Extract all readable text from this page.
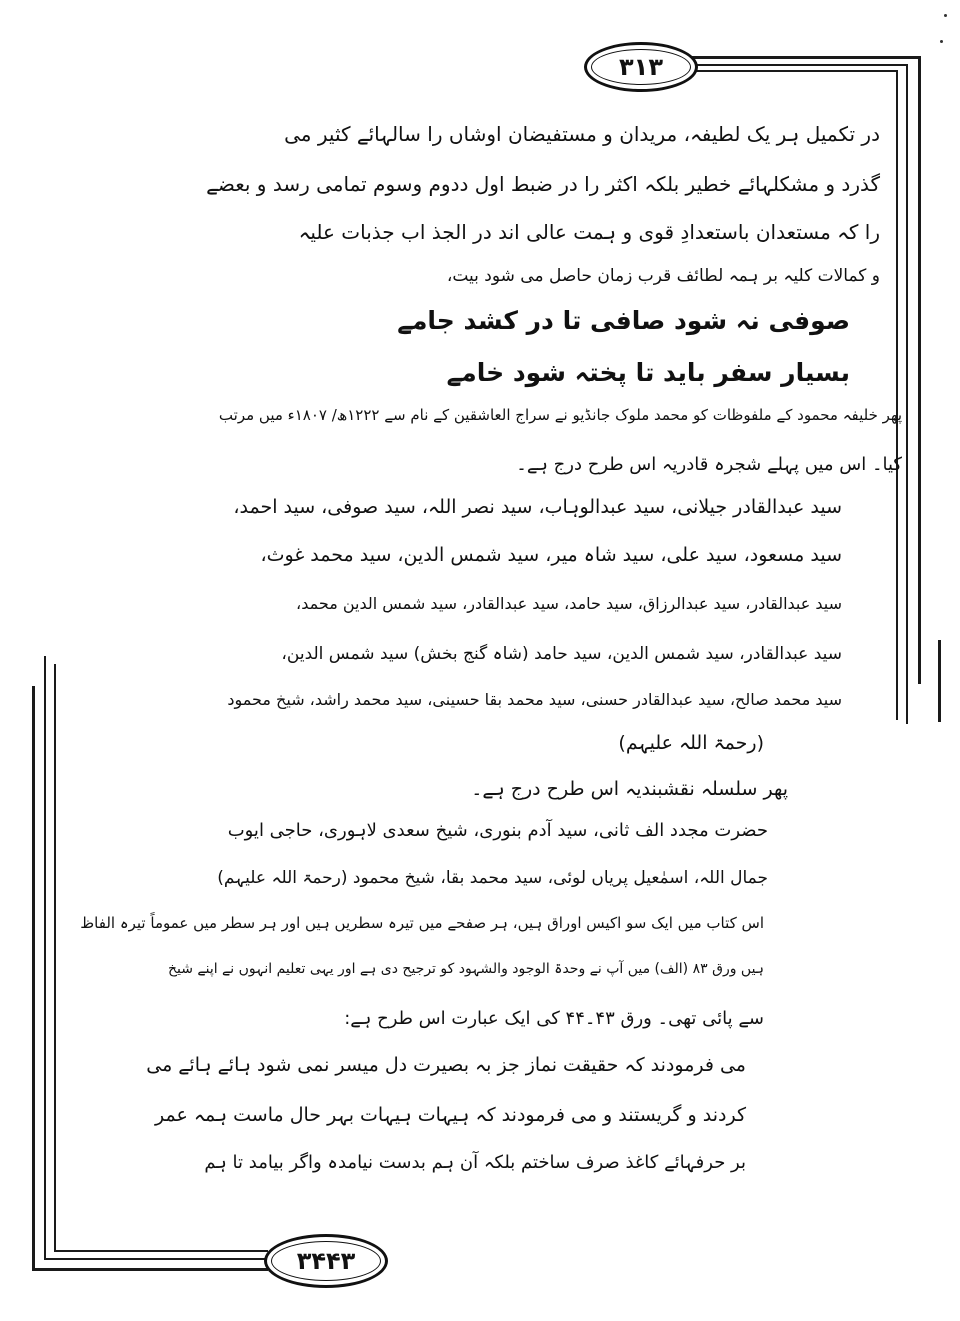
۳۱۳
۳۴۴۳
در تکمیل ہر یک لطیفہ، مریدان و مستفیضان اوشاں را سالہائے کثیر می
گذرد و مشکلہائے خطیر بلکہ اکثر را در ضبط اول ددوم وسوم تمامی رسد و بعضے
را کہ مستعدان باستعدادِ قوی و ہمت عالی اند در الجذ اب جذبات علیہ
و کمالات کلیہ بر ہمہ لطائف قرب زمان حاصل می شود بیت،
صوفی نہ شود صافی تا در کشد جامے
بسیار سفر باید تا پختہ شود خامے
پھر خلیفہ محمود کے ملفوظات کو محمد ملوک جانڈیو نے سراج العاشقین کے نام سے ۱۲۲۲ھ/ ۱۸۰۷ء میں مرتب
کیا۔ اس میں پہلے شجرہ قادریہ اس طرح درج ہے۔
سید عبدالقادر جیلانی، سید عبدالوہاب، سید نصر اللہ، سید صوفی، سید احمد،
سید مسعود، سید علی، سید شاہ میر، سید شمس الدین، سید محمد غوث،
سید عبدالقادر، سید عبدالرزاق، سید حامد، سید عبدالقادر، سید شمس الدین محمد،
سید عبدالقادر، سید شمس الدین، سید حامد (شاہ گنج بخش) سید شمس الدین،
سید محمد صالح، سید عبدالقادر حسنی، سید محمد بقا حسینی، سید محمد راشد، شیخ محمود
(رحمۃ اللہ علیہم)
پھر سلسلہ نقشبندیہ اس طرح درج ہے۔
حضرت مجدد الف ثانی، سید آدم بنوری، شیخ سعدی لاہوری، حاجی ایوب
جمال اللہ، اسمٰعیل پریاں لوئی، سید محمد بقا، شیخ محمود (رحمۃ اللہ علیہم)
اس کتاب میں ایک سو اکیس اوراق ہیں، ہر صفحے میں تیرہ سطریں ہیں اور ہر سطر میں عموماً تیرہ الفاظ
ہیں ورق ۸۳ (الف) میں آپ نے وحدۃ الوجود والشہود کو ترجیح دی ہے اور یہی تعلیم انہوں نے اپنے شیخ
سے پائی تھی۔ ورق ۴۳۔۴۴ کی ایک عبارت اس طرح ہے:
می فرمودند کہ حقیقت نماز جز بہ بصیرت دل میسر نمی شود ہائے ہائے می
کردند و گریستند و می فرمودند کہ ہیہات ہیہات بہر حال ماست ہمہ عمر
بر حرفہائے کاغذ صرف ساختم بلکہ آن ہم بدست نیامدہ واگر بیامد تا ہم
